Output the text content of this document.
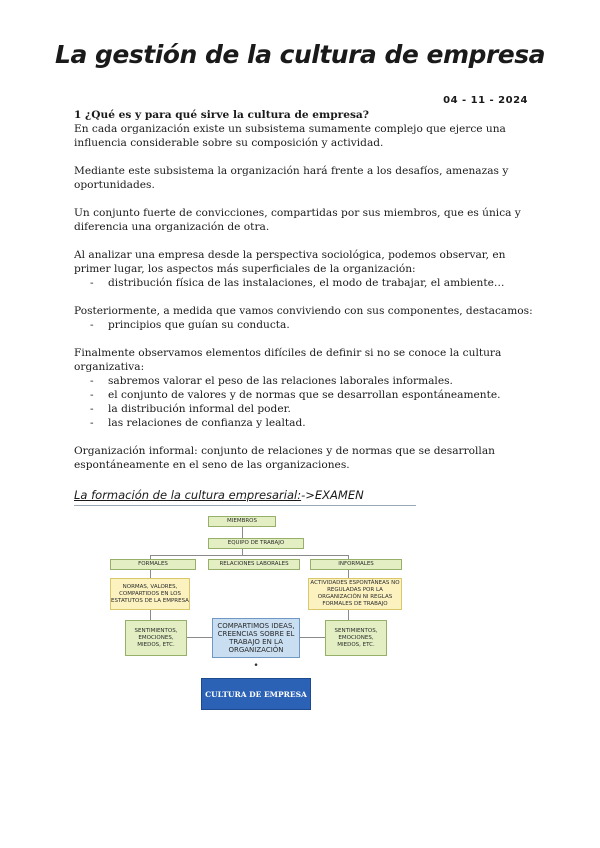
La gestión de la cultura de empresa
04 - 11 - 2024
1 ¿Qué es y para qué sirve la cultura de empresa?

En cada organización existe un subsistema sumamente complejo que ejerce una influencia considerable sobre su composición y actividad.

Mediante este subsistema la organización hará frente a los desafíos, amenazas y oportunidades.

Un conjunto fuerte de convicciones, compartidas por sus miembros, que es única y diferencia una organización de otra.

Al analizar una empresa desde la perspectiva sociológica, podemos observar, en primer lugar, los aspectos más superficiales de la organización:

- distribución física de las instalaciones, el modo de trabajar, el ambiente…

Posteriormente, a medida que vamos conviviendo con sus componentes, destacamos:

- principios que guían su conducta.

Finalmente observamos elementos difíciles de definir si no se conoce la cultura organizativa:

- sabremos valorar el peso de las relaciones laborales informales.
- el conjunto de valores y de normas que se desarrollan espontáneamente.
- la distribución informal del poder.
- las relaciones de confianza y lealtad.

Organización informal: conjunto de relaciones y de normas que se desarrollan espontáneamente en el seno de las organizaciones.

La formación de la cultura empresarial:->EXAMEN
MIEMBROS
EQUIPO DE TRABAJO
FORMALES	RELACIONES LABORALES	INFORMALES
NORMAS, VALORES, COMPARTIDOS EN LOS ESTATUTOS DE LA EMPRESA
ACTIVIDADES ESPONTÁNEAS NO REGULADAS POR LA ORGANIZACIÓN NI REGLAS FORMALES DE TRABAJO
SENTIMIENTOS, EMOCIONES, MIEDOS, ETC.
COMPARTIMOS IDEAS, CREENCIAS SOBRE EL TRABAJO EN LA ORGANIZACIÓN
SENTIMIENTOS, EMOCIONES, MIEDOS, ETC.
•
CULTURA DE EMPRESA
